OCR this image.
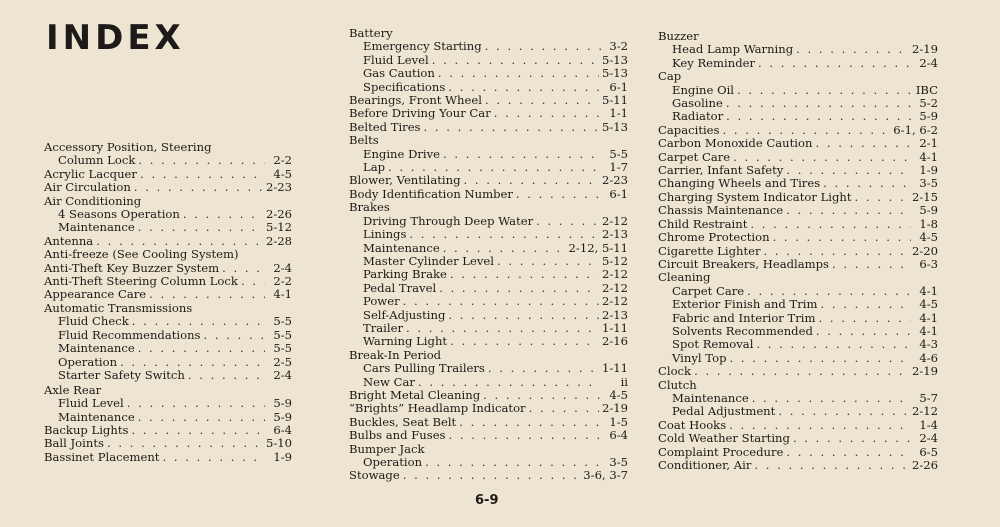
INDEX
Accessory Position, Steering
Column Lock . . .	2-2
Acrylic Lacquer . . .	4-5
Air Circulation . . .	2-23
Air Conditioning
4 Seasons Operation . . .	2-26
Maintenance . . .	5-12
Antenna . . .	2-28
Anti-freeze (See Cooling System)
Anti-Theft Key Buzzer System . . .	2-4
Anti-Theft Steering Column Lock . . .	2-2
Appearance Care . . .	4-1
Automatic Transmissions
Fluid Check . . .	5-5
Fluid Recommendations . . .	5-5
Maintenance . . .	5-5
Operation . . .	2-5
Starter Safety Switch . . .	2-4
Axle Rear
Fluid Level . . .	5-9
Maintenance . . .	5-9
Backup Lights . . .	6-4
Ball Joints . . .	5-10
Bassinet Placement . . .	1-9
Battery
Emergency Starting . . .	3-2
Fluid Level . . .	5-13
Gas Caution . . .	5-13
Specifications . . .	6-1
Bearings, Front Wheel . . .	5-11
Before Driving Your Car . . .	1-1
Belted Tires . . .	5-13
Belts
Engine Drive . . .	5-5
Lap . . .	1-7
Blower, Ventilating . . .	2-23
Body Identification Number . . .	6-1
Brakes
Driving Through Deep Water . . .	2-12
Linings . . .	2-13
Maintenance . . .	2-12, 5-11
Master Cylinder Level . . .	5-12
Parking Brake . . .	2-12
Pedal Travel . . .	2-12
Power . . .	2-12
Self-Adjusting . . .	2-13
Trailer . . .	1-11
Warning Light . . .	2-16
Break-In Period
Cars Pulling Trailers . . .	1-11
New Car . . .	ii
Bright Metal Cleaning . . .	4-5
“Brights” Headlamp Indicator . . .	2-19
Buckles, Seat Belt . . .	1-5
Bulbs and Fuses . . .	6-4
Bumper Jack
Operation . . .	3-5
Stowage . . .	3-6, 3-7
Buzzer
Head Lamp Warning . . .	2-19
Key Reminder . . .	2-4
Cap
Engine Oil . . .	IBC
Gasoline . . .	5-2
Radiator . . .	5-9
Capacities . . .	6-1, 6-2
Carbon Monoxide Caution . . .	2-1
Carpet Care . . .	4-1
Carrier, Infant Safety . . .	1-9
Changing Wheels and Tires . . .	3-5
Charging System Indicator Light . . .	2-15
Chassis Maintenance . . .	5-9
Child Restraint . . .	1-8
Chrome Protection . . .	4-5
Cigarette Lighter . . .	2-20
Circuit Breakers, Headlamps . . .	6-3
Cleaning
Carpet Care . . .	4-1
Exterior Finish and Trim . . .	4-5
Fabric and Interior Trim . . .	4-1
Solvents Recommended . . .	4-1
Spot Removal . . .	4-3
Vinyl Top . . .	4-6
Clock . . .	2-19
Clutch
Maintenance . . .	5-7
Pedal Adjustment . . .	2-12
Coat Hooks . . .	1-4
Cold Weather Starting . . .	2-4
Complaint Procedure . . .	6-5
Conditioner, Air . . .	2-26
6-9
